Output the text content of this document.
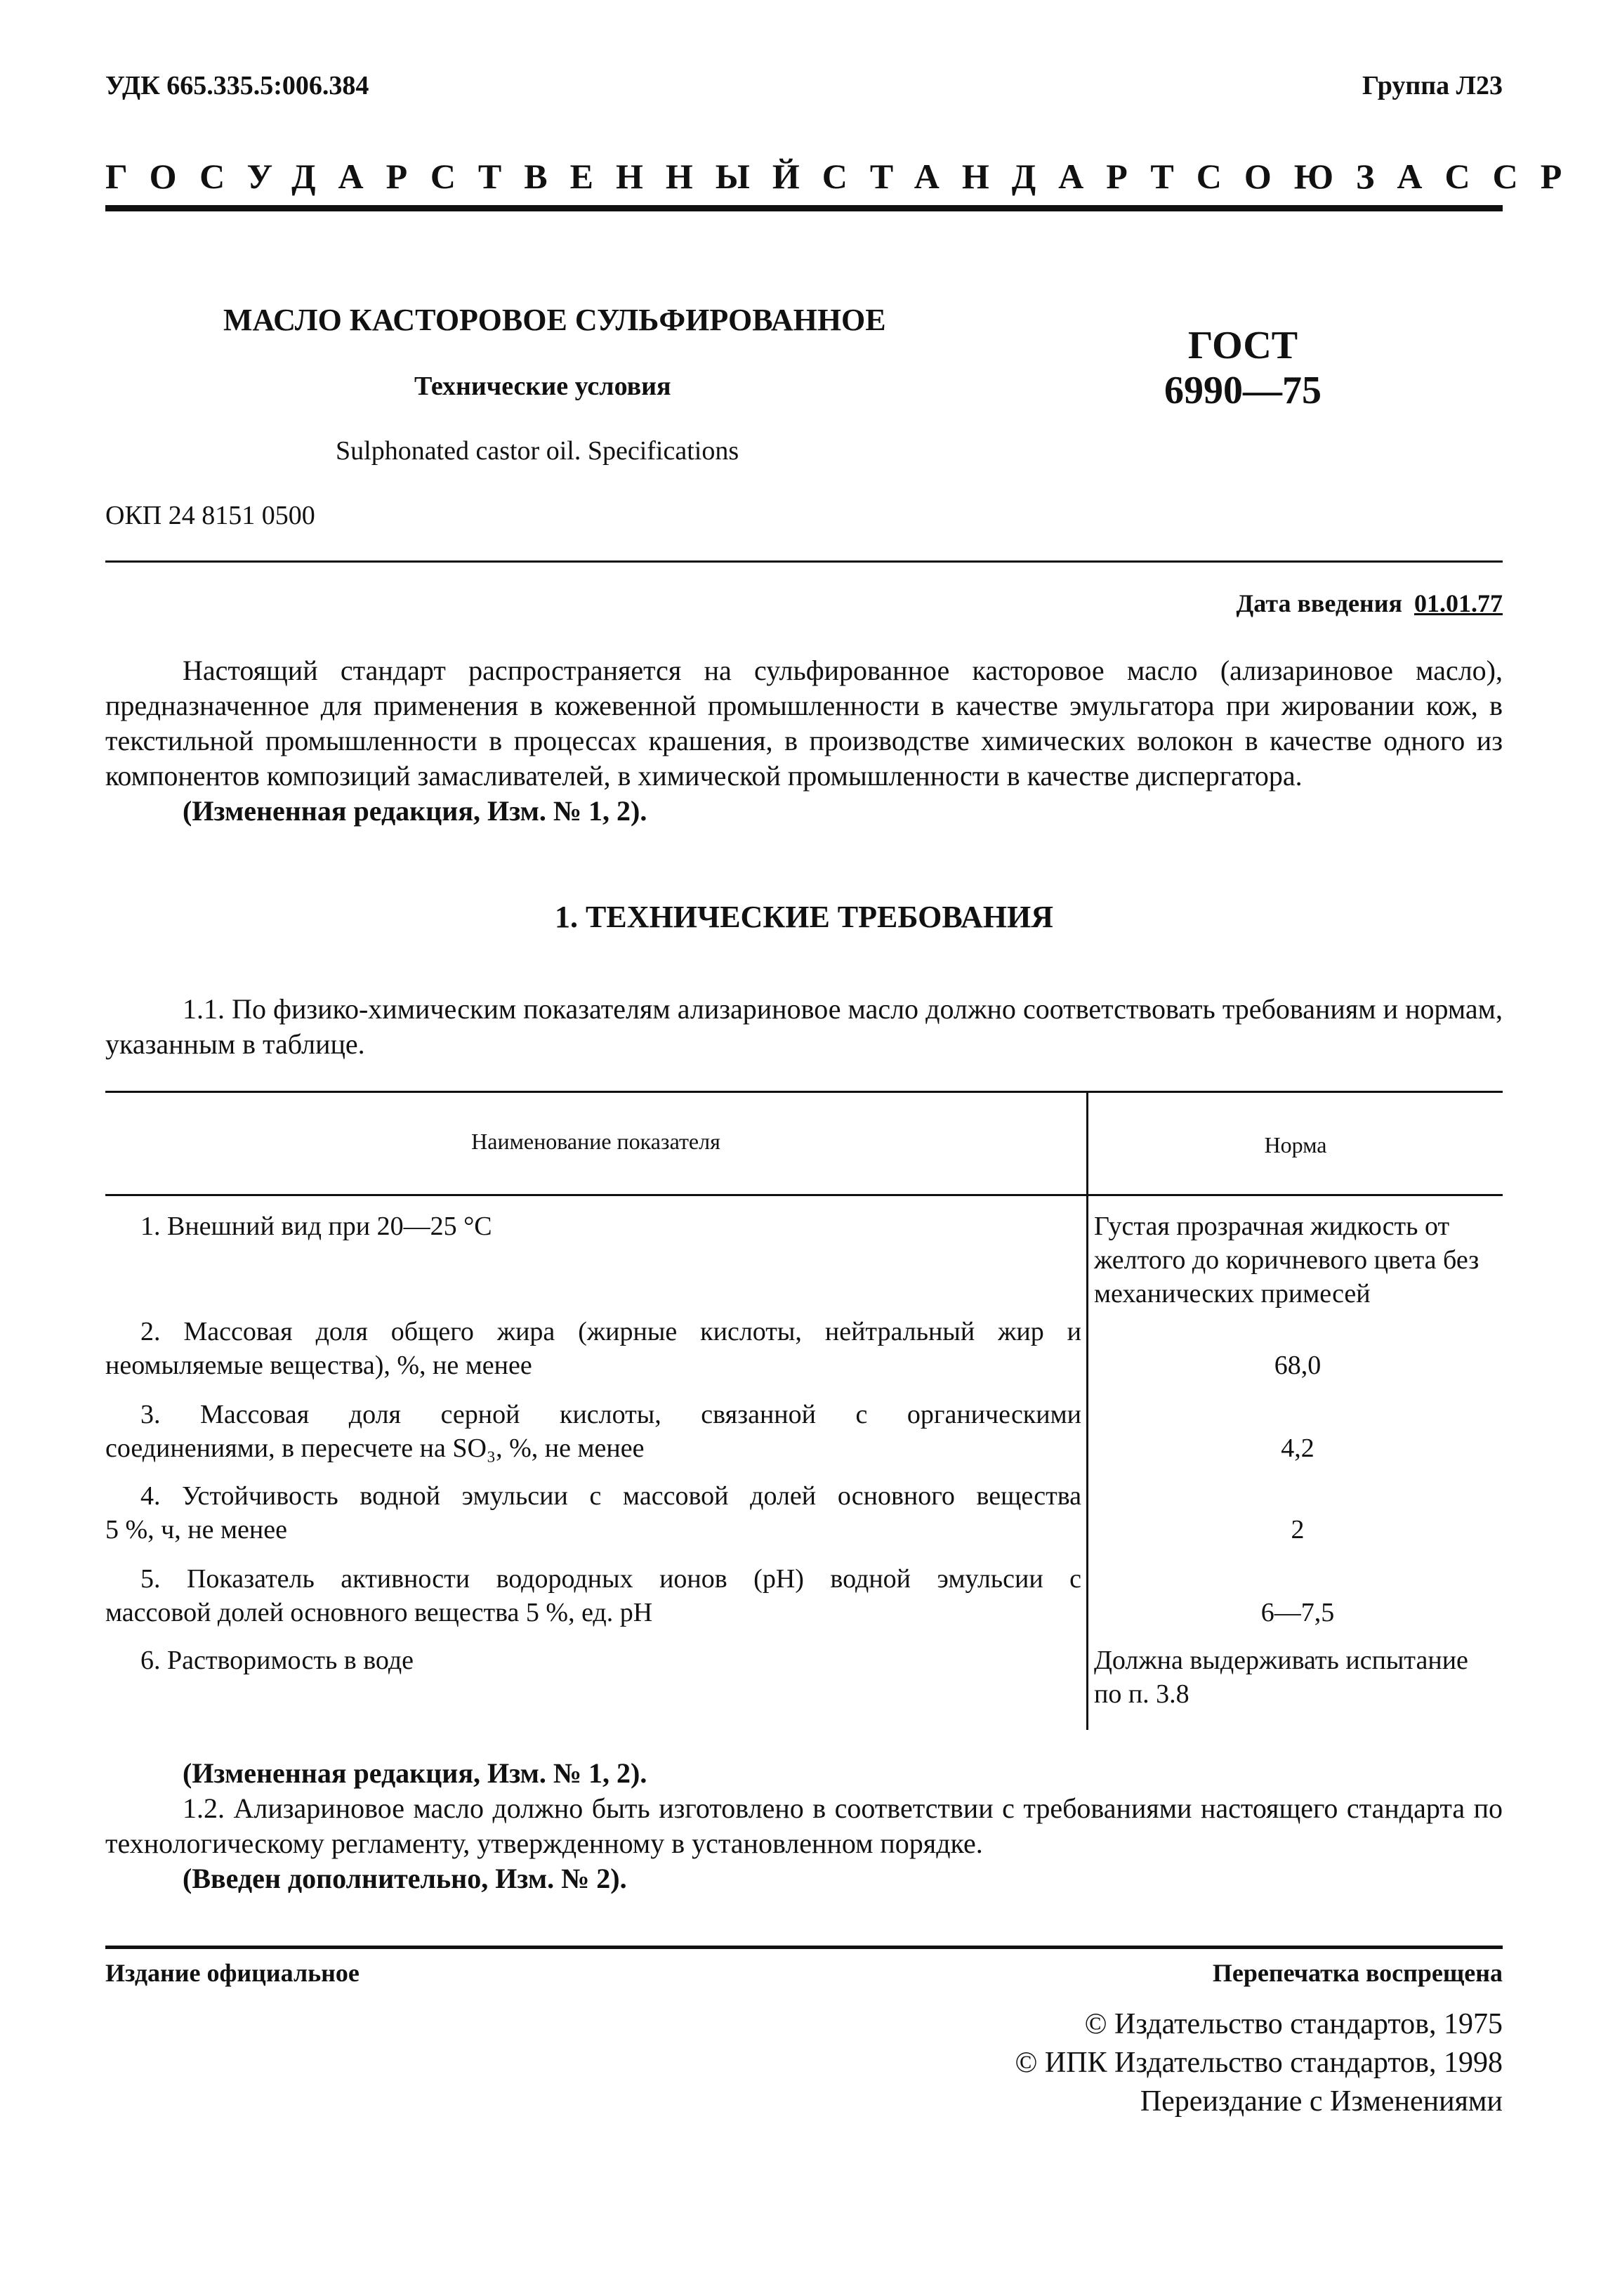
УДК 665.335.5:006.384	Группа Л23
ГОСУДАРСТВЕННЫЙ СТАНДАРТ СОЮЗА ССР
МАСЛО КАСТОРОВОЕ СУЛЬФИРОВАННОЕ
Технические условия
Sulphonated castor oil. Specifications
ГОСТ
6990—75
ОКП 24 8151 0500
Дата введения 01.01.77

Настоящий стандарт распространяется на сульфированное касторовое масло (ализариновое масло), предназначенное для применения в кожевенной промышленности в качестве эмульгатора при жировании кож, в текстильной промышленности в процессах крашения, в производстве химических волокон в качестве одного из компонентов композиций замасливателей, в химической промышленности в качестве диспергатора.

(Измененная редакция, Изм. № 1, 2).

1. ТЕХНИЧЕСКИЕ ТРЕБОВАНИЯ

1.1. По физико-химическим показателям ализариновое масло должно соответствовать требованиям и нормам, указанным в таблице.

Наименование показателя	Норма
1. Внешний вид при 20—25 °С	Густая прозрачная жидкость от желтого до коричневого цвета без механических примесей
2. Массовая доля общего жира (жирные кислоты, нейтральный жир и
неомыляемые вещества), %, не менее	68,0
3. Массовая доля серной кислоты, связанной с органическими
соединениями, в пересчете на SO₃, %, не менее	4,2
4. Устойчивость водной эмульсии с массовой долей основного вещества
5 %, ч, не менее	2
5. Показатель активности водородных ионов (pH) водной эмульсии с
массовой долей основного вещества 5 %, ед. pH	6—7,5
6. Растворимость в воде	Должна выдерживать испытание по п. 3.8

(Измененная редакция, Изм. № 1, 2).

1.2. Ализариновое масло должно быть изготовлено в соответствии с требованиями настоящего стандарта по технологическому регламенту, утвержденному в установленном порядке.

(Введен дополнительно, Изм. № 2).

Издание официальное	Перепечатка воспрещена
© Издательство стандартов, 1975
© ИПК Издательство стандартов, 1998
Переиздание с Изменениями
